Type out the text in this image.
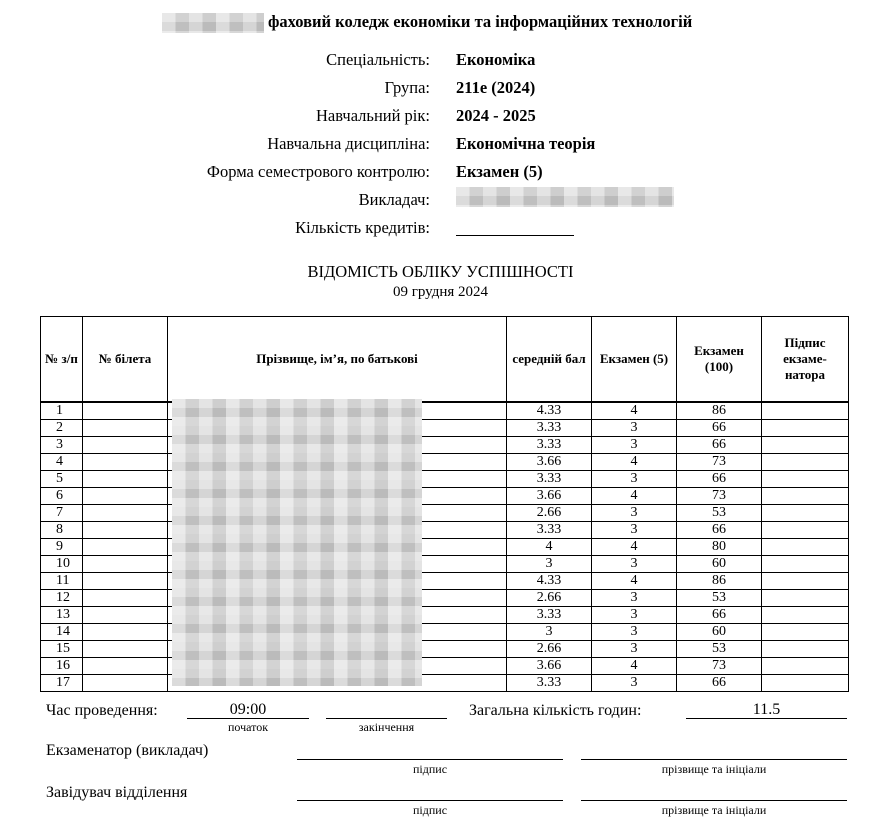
фаховий коледж економіки та інформаційних технологій
Спеціальність: Економіка
Група: 211е (2024)
Навчальний рік: 2024 - 2025
Навчальна дисципліна: Економічна теорія
Форма семестрового контролю: Екзамен (5)
Викладач:
Кількість кредитів:
ВІДОМІСТЬ ОБЛІКУ УСПІШНОСТІ
09 грудня 2024
№ з/п	№ білета	Прізвище, ім’я, по батькові	середній бал	Екзамен (5)	Екзамен (100)	Підпис екзаме-натора
1			4.33	4	86	
2			3.33	3	66	
3			3.33	3	66	
4			3.66	4	73	
5			3.33	3	66	
6			3.66	4	73	
7			2.66	3	53	
8			3.33	3	66	
9			4	4	80	
10			3	3	60	
11			4.33	4	86	
12			2.66	3	53	
13			3.33	3	66	
14			3	3	60	
15			2.66	3	53	
16			3.66	4	73	
17			3.33	3	66	
Час проведення:	09:00
початок	закінчення
Загальна кількість годин:	11.5
Екзаменатор (викладач)
підпис	прізвище та ініціали
Завідувач відділення
підпис	прізвище та ініціали
